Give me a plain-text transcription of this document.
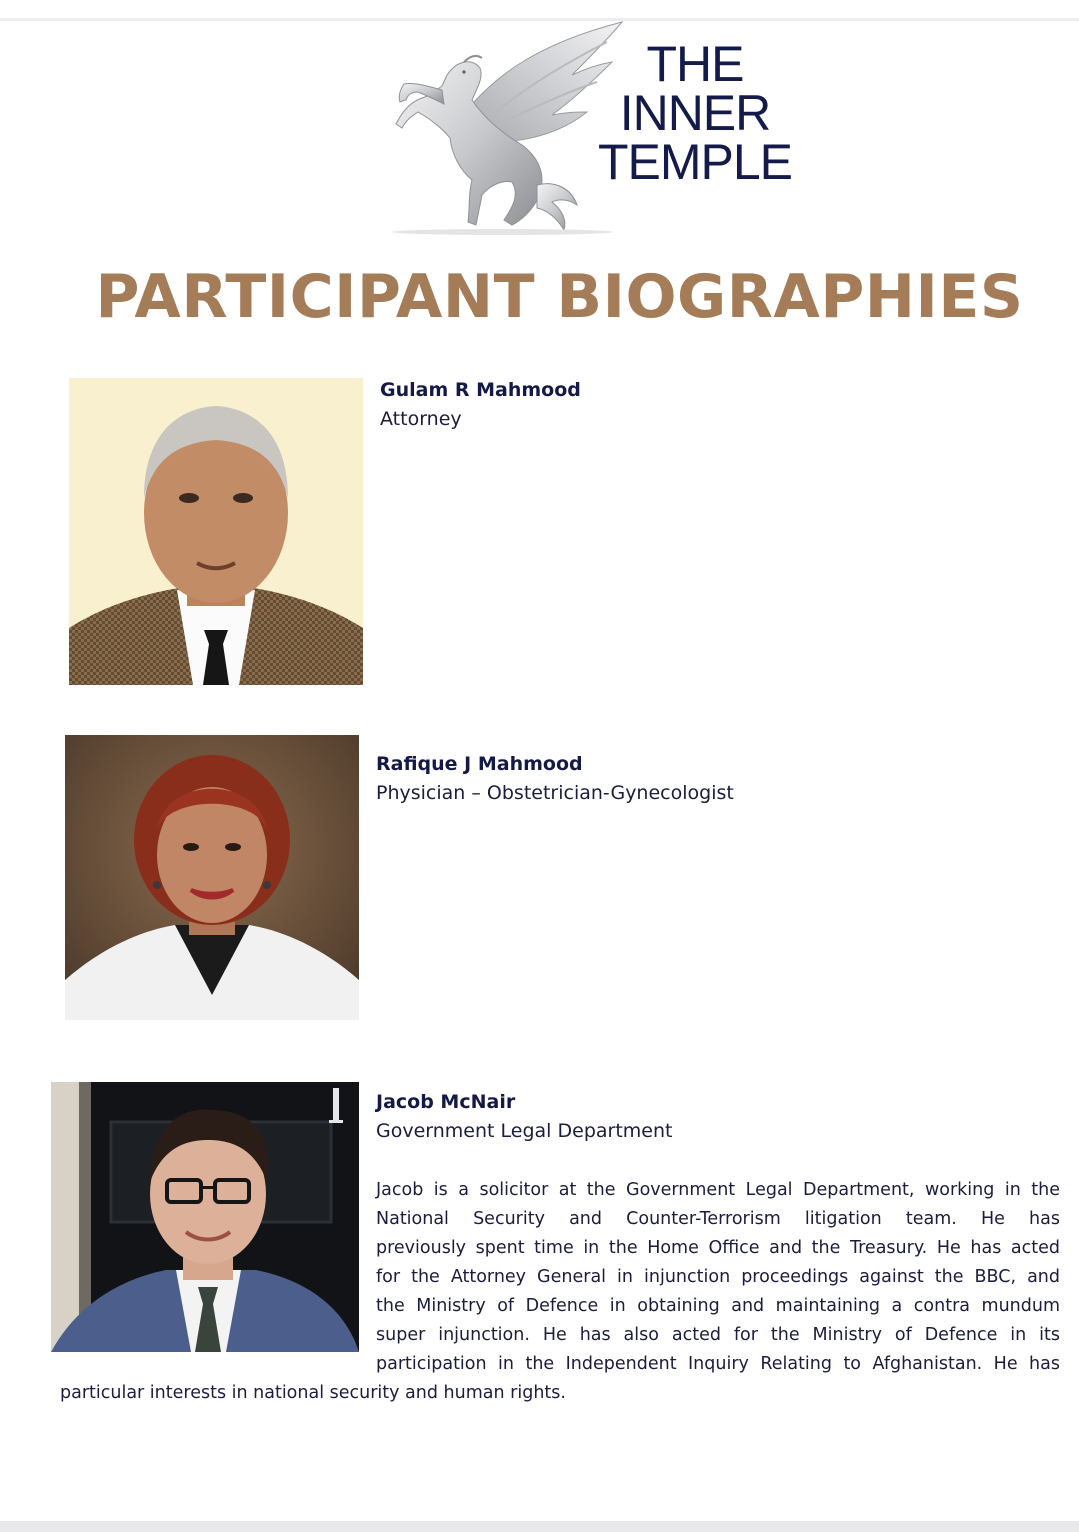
THE
INNER
TEMPLE
PARTICIPANT BIOGRAPHIES
Gulam R Mahmood
Attorney
Rafique J Mahmood
Physician – Obstetrician-Gynecologist
Jacob McNair
Government Legal Department
Jacob is a solicitor at the Government Legal Department, working in the
National Security and Counter-Terrorism litigation team. He has
previously spent time in the Home Office and the Treasury. He has acted
for the Attorney General in injunction proceedings against the BBC, and
the Ministry of Defence in obtaining and maintaining a contra mundum
super injunction. He has also acted for the Ministry of Defence in its
participation in the Independent Inquiry Relating to Afghanistan. He has
particular interests in national security and human rights.
